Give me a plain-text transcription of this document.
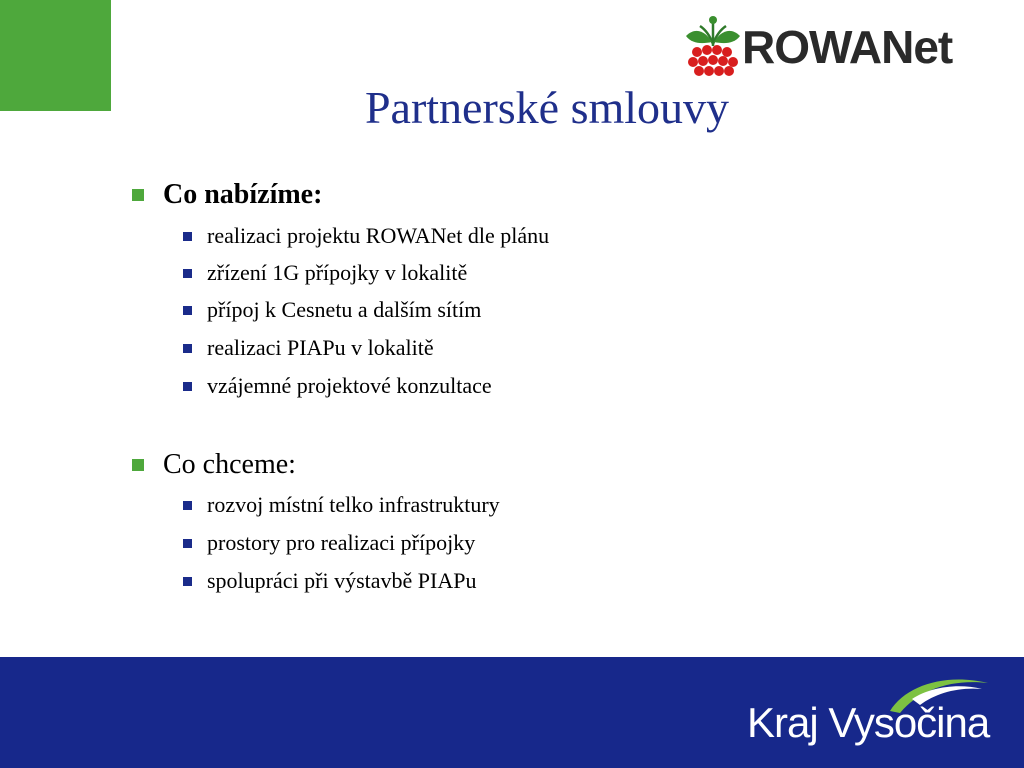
ROWANet
Partnerské smlouvy
Co nabízíme:
realizaci projektu ROWANet dle plánu
zřízení 1G přípojky v lokalitě
přípoj k Cesnetu a dalším sítím
realizaci PIAPu v lokalitě
vzájemné projektové konzultace
Co chceme:
rozvoj místní telko infrastruktury
prostory pro realizaci přípojky
spolupráci při výstavbě PIAPu
Kraj Vysočina
